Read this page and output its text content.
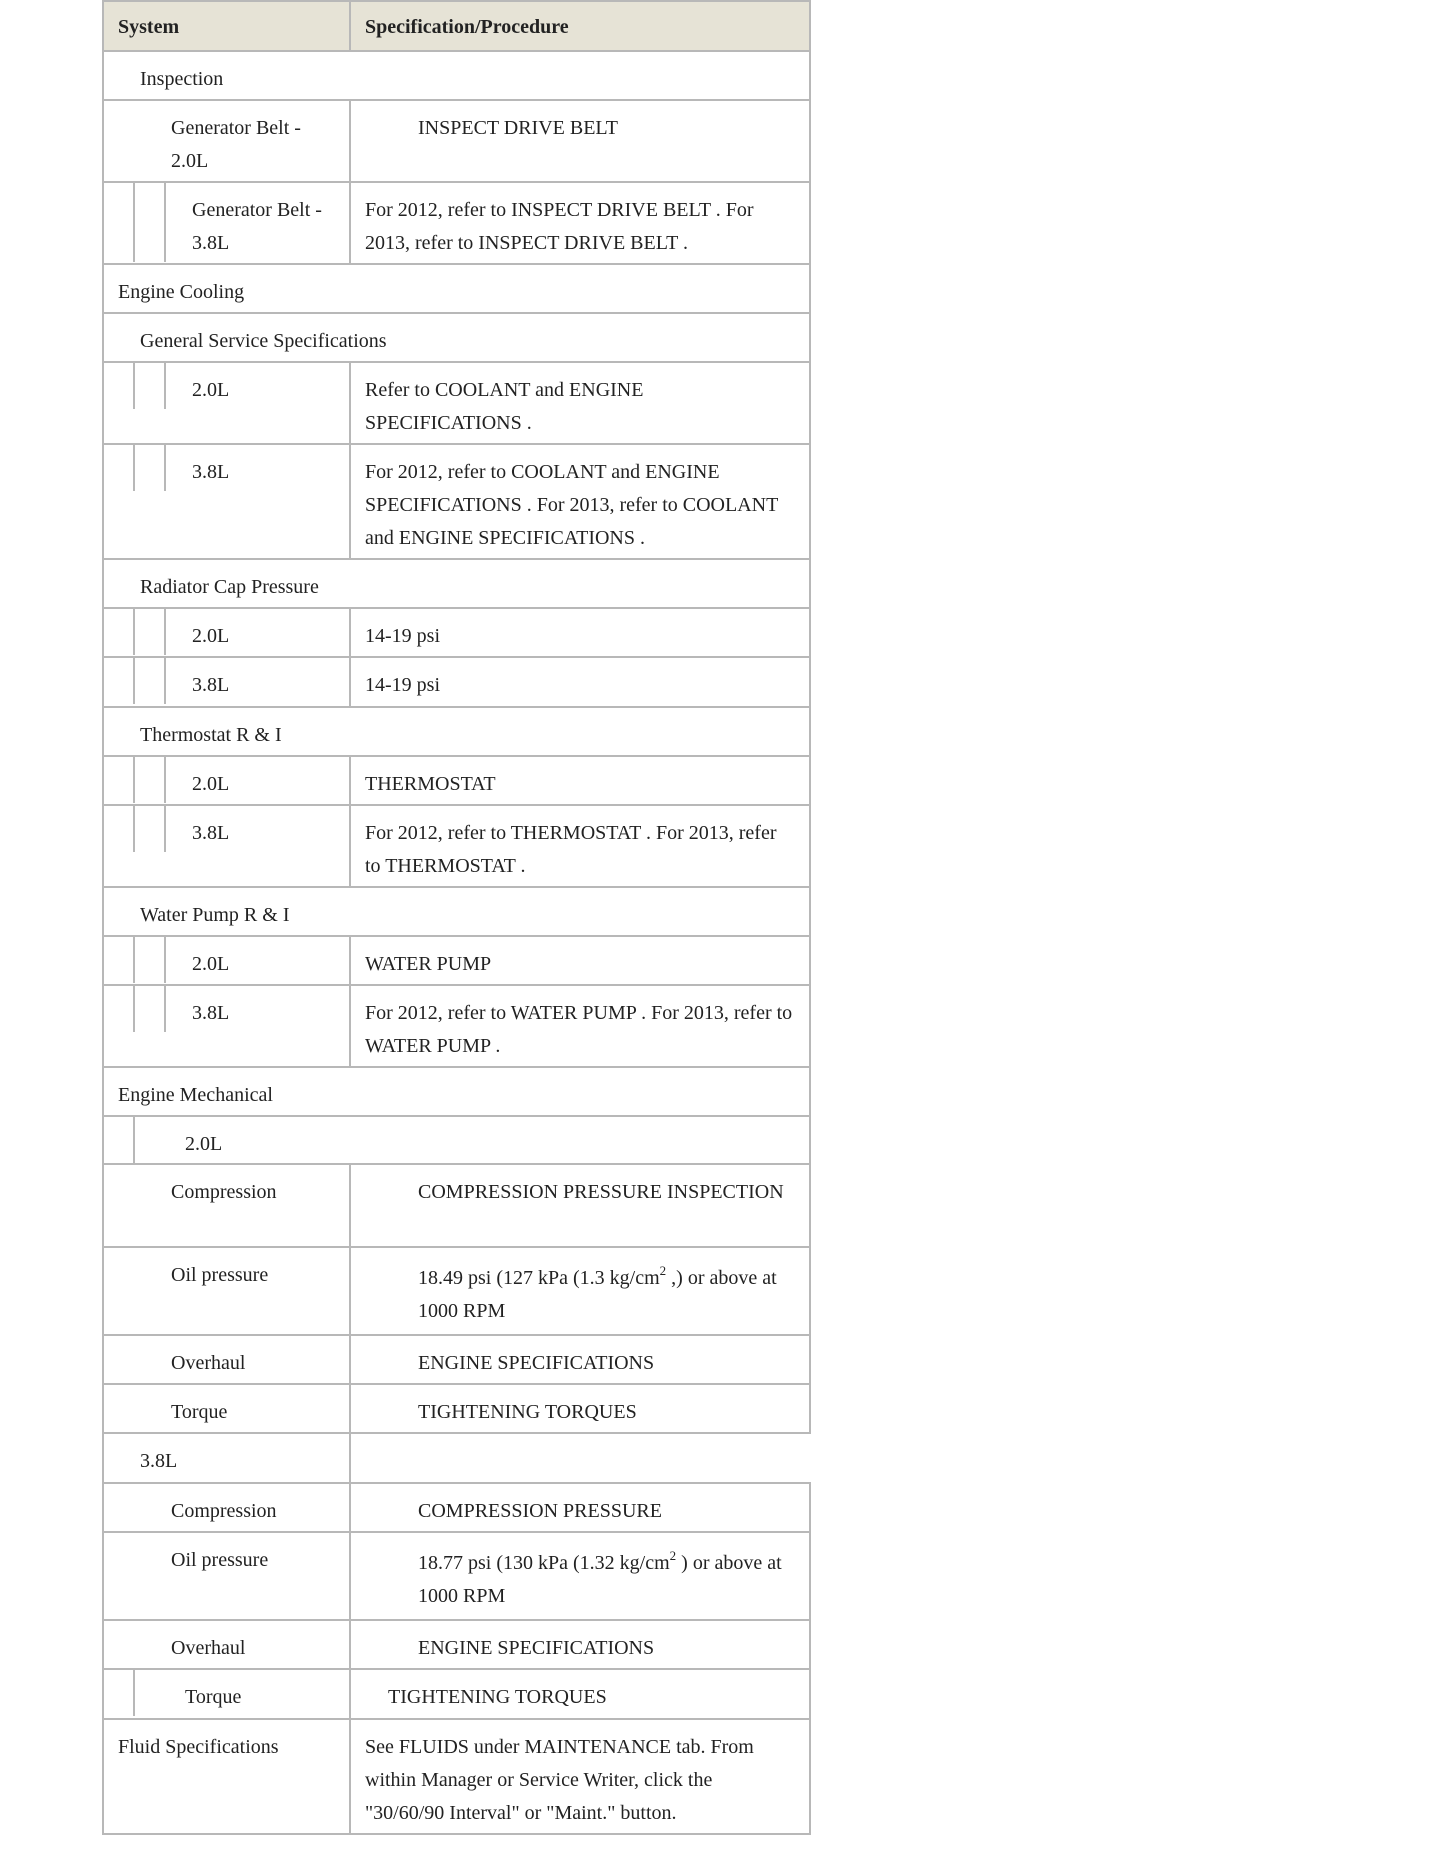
System	Specification/Procedure
Inspection	
Generator Belt - 2.0L	INSPECT DRIVE BELT

Generator Belt - 3.8L	For 2012, refer to INSPECT DRIVE BELT . For 2013, refer to INSPECT DRIVE BELT .
Engine Cooling	
General Service Specifications	

2.0L	Refer to COOLANT and ENGINE SPECIFICATIONS .

3.8L	For 2012, refer to COOLANT and ENGINE SPECIFICATIONS . For 2013, refer to COOLANT and ENGINE SPECIFICATIONS .
Radiator Cap Pressure	

2.0L	14-19 psi

3.8L	14-19 psi
Thermostat R & I	

2.0L	THERMOSTAT

3.8L	For 2012, refer to THERMOSTAT . For 2013, refer to THERMOSTAT .
Water Pump R & I	

2.0L	WATER PUMP

3.8L	For 2012, refer to WATER PUMP . For 2013, refer to WATER PUMP .
Engine Mechanical	

2.0L	

Compression	COMPRESSION PRESSURE INSPECTION
Oil pressure	18.49 psi (127 kPa (1.3 $kg/cm^2$ ,) or above at 1000 RPM
Overhaul	ENGINE SPECIFICATIONS
Torque	TIGHTENING TORQUES
3.8L	
Compression	COMPRESSION PRESSURE
Oil pressure	18.77 psi (130 kPa (1.32 $kg/cm^2$ ) or above at 1000 RPM
Overhaul	ENGINE SPECIFICATIONS

Torque	TIGHTENING TORQUES
Fluid Specifications	See FLUIDS under MAINTENANCE tab. From within Manager or Service Writer, click the "30/60/90 Interval" or "Maint." button.
